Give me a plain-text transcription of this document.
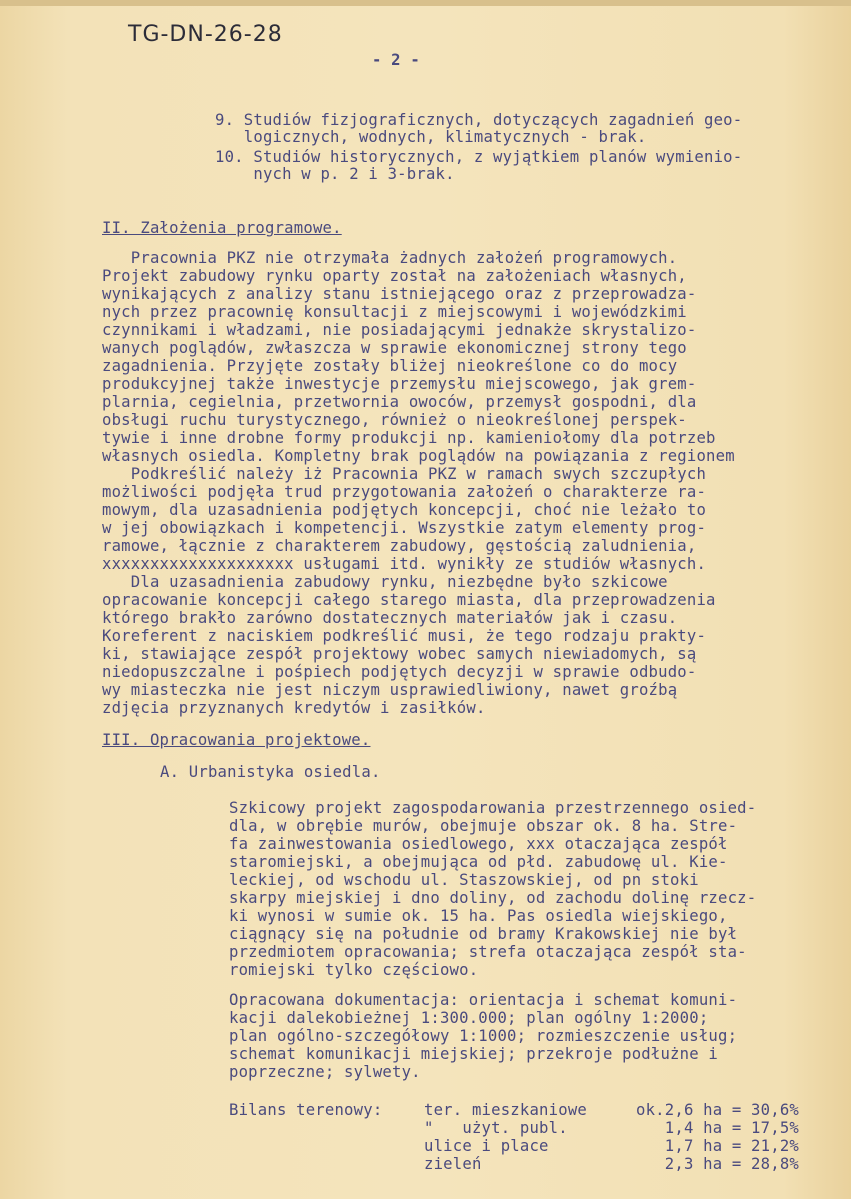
TG-DN-26-28
- 2 -
9. Studiów fizjograficznych, dotyczących zagadnień geo-
logicznych, wodnych, klimatycznych - brak.
10. Studiów historycznych, z wyjątkiem planów wymienio-
nych w p. 2 i 3-brak.
II. Założenia programowe.
Pracownia PKZ nie otrzymała żadnych założeń programowych.
Projekt zabudowy rynku oparty został na założeniach własnych,
wynikających z analizy stanu istniejącego oraz z przeprowadza-
nych przez pracownię konsultacji z miejscowymi i wojewódzkimi
czynnikami i władzami, nie posiadającymi jednakże skrystalizo-
wanych poglądów, zwłaszcza w sprawie ekonomicznej strony tego
zagadnienia. Przyjęte zostały bliżej nieokreślone co do mocy
produkcyjnej także inwestycje przemysłu miejscowego, jak grem-
plarnia, cegielnia, przetwornia owoców, przemysł gospodni, dla
obsługi ruchu turystycznego, również o nieokreślonej perspek-
tywie i inne drobne formy produkcji np. kamieniołomy dla potrzeb
własnych osiedla. Kompletny brak poglądów na powiązania z regionem
Podkreślić należy iż Pracownia PKZ w ramach swych szczupłych
możliwości podjęła trud przygotowania założeń o charakterze ra-
mowym, dla uzasadnienia podjętych koncepcji, choć nie leżało to
w jej obowiązkach i kompetencji. Wszystkie zatym elementy prog-
ramowe, łącznie z charakterem zabudowy, gęstością zaludnienia,
xxxxxxxxxxxxxxxxxxxx usługami itd. wynikły ze studiów własnych.
Dla uzasadnienia zabudowy rynku, niezbędne było szkicowe
opracowanie koncepcji całego starego miasta, dla przeprowadzenia
którego brakło zarówno dostatecznych materiałów jak i czasu.
Koreferent z naciskiem podkreślić musi, że tego rodzaju prakty-
ki, stawiające zespół projektowy wobec samych niewiadomych, są
niedopuszczalne i pośpiech podjętych decyzji w sprawie odbudo-
wy miasteczka nie jest niczym usprawiedliwiony, nawet groźbą
zdjęcia przyznanych kredytów i zasiłków.
III. Opracowania projektowe.
A. Urbanistyka osiedla.
Szkicowy projekt zagospodarowania przestrzennego osied-
dla, w obrębie murów, obejmuje obszar ok. 8 ha. Stre-
fa zainwestowania osiedlowego, xxx otaczająca zespół
staromiejski, a obejmująca od płd. zabudowę ul. Kie-
leckiej, od wschodu ul. Staszowskiej, od pn stoki
skarpy miejskiej i dno doliny, od zachodu dolinę rzecz-
ki wynosi w sumie ok. 15 ha. Pas osiedla wiejskiego,
ciągnący się na południe od bramy Krakowskiej nie był
przedmiotem opracowania; strefa otaczająca zespół sta-
romiejski tylko częściowo.
Opracowana dokumentacja: orientacja i schemat komuni-
kacji dalekobieżnej 1:300.000; plan ogólny 1:2000;
plan ogólno-szczegółowy 1:1000; rozmieszczenie usług;
schemat komunikacji miejskiej; przekroje podłużne i
poprzeczne; sylwety.
Bilans terenowy:	ter. mieszkaniowe	ok.2,6 ha = 30,6%
"   użyt. publ.	1,4 ha = 17,5%
ulice i place	1,7 ha = 21,2%
zieleń	2,3 ha = 28,8%
